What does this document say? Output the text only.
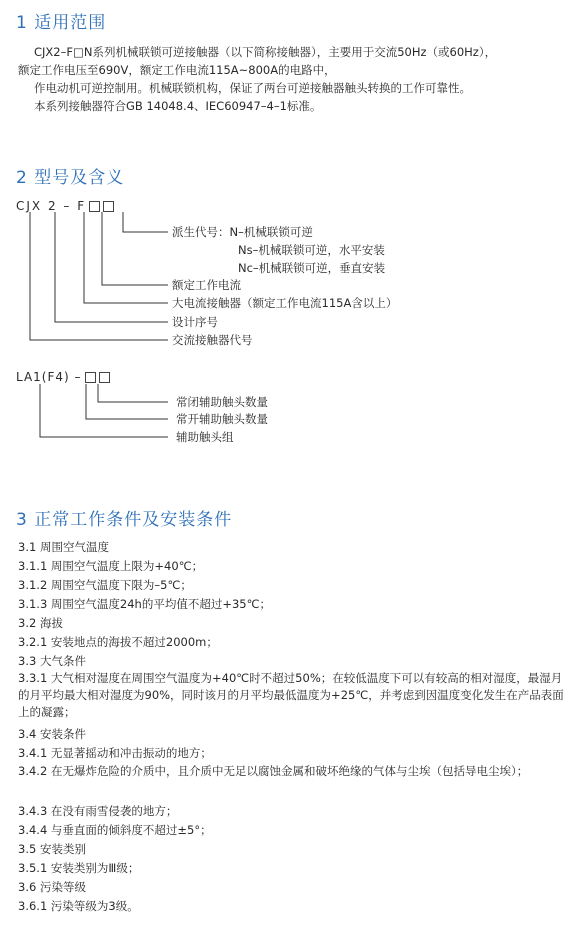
1 适用范围
CJX2–F□N系列机械联锁可逆接触器（以下简称接触器），主要用于交流50Hz（或60Hz），
额定工作电压至690V，额定工作电流115A~800A的电路中，
作电动机可逆控制用。机械联锁机构，保证了两台可逆接触器触头转换的工作可靠性。
本系列接触器符合GB 14048.4、IEC60947–4–1标准。
2 型号及含义
CJX 2 – F
派生代号：N–机械联锁可逆
Ns–机械联锁可逆，水平安装
Nc–机械联锁可逆，垂直安装
额定工作电流
大电流接触器（额定工作电流115A含以上）
设计序号
交流接触器代号
LA1(F4) –
常闭辅助触头数量
常开辅助触头数量
辅助触头组
3 正常工作条件及安装条件
3.1 周围空气温度
3.1.1 周围空气温度上限为+40℃；
3.1.2 周围空气温度下限为–5℃；
3.1.3 周围空气温度24h的平均值不超过+35℃；
3.2 海拔
3.2.1 安装地点的海拔不超过2000m；
3.3 大气条件
3.3.1 大气相对湿度在周围空气温度为+40℃时不超过50%；在较低温度下可以有较高的相对湿度，最湿月的月平均最大相对湿度为90%，同时该月的月平均最低温度为+25℃，并考虑到因温度变化发生在产品表面上的凝露；
3.4 安装条件
3.4.1 无显著摇动和冲击振动的地方；
3.4.2 在无爆炸危险的介质中，且介质中无足以腐蚀金属和破坏绝缘的气体与尘埃（包括导电尘埃）；
3.4.3 在没有雨雪侵袭的地方；
3.4.4 与垂直面的倾斜度不超过±5°；
3.5 安装类别
3.5.1 安装类别为Ⅲ级；
3.6 污染等级
3.6.1 污染等级为3级。
